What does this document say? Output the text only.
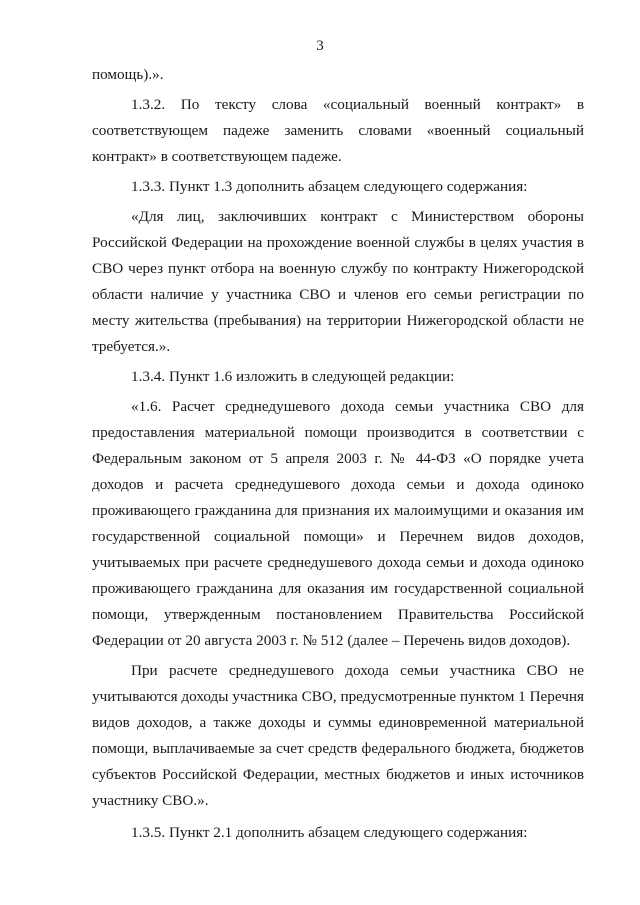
3

помощь).».

1.3.2. По тексту слова «социальный военный контракт» в соответствующем падеже заменить словами «военный социальный контракт» в соответствующем падеже.

1.3.3. Пункт 1.3 дополнить абзацем следующего содержания:

«Для лиц, заключивших контракт с Министерством обороны Российской Федерации на прохождение военной службы в целях участия в СВО через пункт отбора на военную службу по контракту Нижегородской области наличие у участника СВО и членов его семьи регистрации по месту жительства (пребывания) на территории Нижегородской области не требуется.».

1.3.4. Пункт 1.6 изложить в следующей редакции:

«1.6. Расчет среднедушевого дохода семьи участника СВО для предоставления материальной помощи производится в соответствии с Федеральным законом от 5 апреля 2003 г. № 44-ФЗ «О порядке учета доходов и расчета среднедушевого дохода семьи и дохода одиноко проживающего гражданина для признания их малоимущими и оказания им государственной социальной помощи» и Перечнем видов доходов, учитываемых при расчете среднедушевого дохода семьи и дохода одиноко проживающего гражданина для оказания им государственной социальной помощи, утвержденным постановлением Правительства Российской Федерации от 20 августа 2003 г. № 512 (далее – Перечень видов доходов).

При расчете среднедушевого дохода семьи участника СВО не учитываются доходы участника СВО, предусмотренные пунктом 1 Перечня видов доходов, а также доходы и суммы единовременной материальной помощи, выплачиваемые за счет средств федерального бюджета, бюджетов субъектов Российской Федерации, местных бюджетов и иных источников участнику СВО.».

1.3.5. Пункт 2.1 дополнить абзацем следующего содержания:
